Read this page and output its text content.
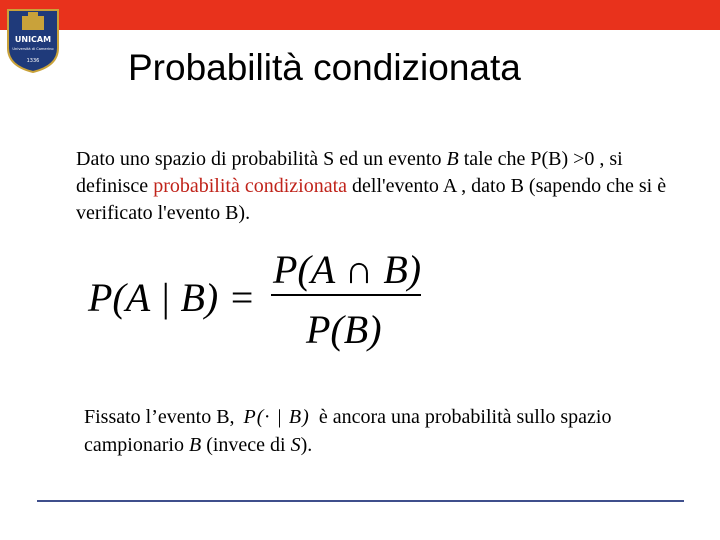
UNICAM
Università di Camerino
1336 Probabilità condizionata
Dato uno spazio di probabilità S ed un evento B tale che P(B) >0 , si definisce probabilità condizionata dell'evento A , dato B (sapendo che si è verificato l'evento B).
P(A | B) =
P(A ∩ B)
P(B)
Fissato l’evento B, P(· | B) è ancora una probabilità sullo spazio campionario B (invece di S).
